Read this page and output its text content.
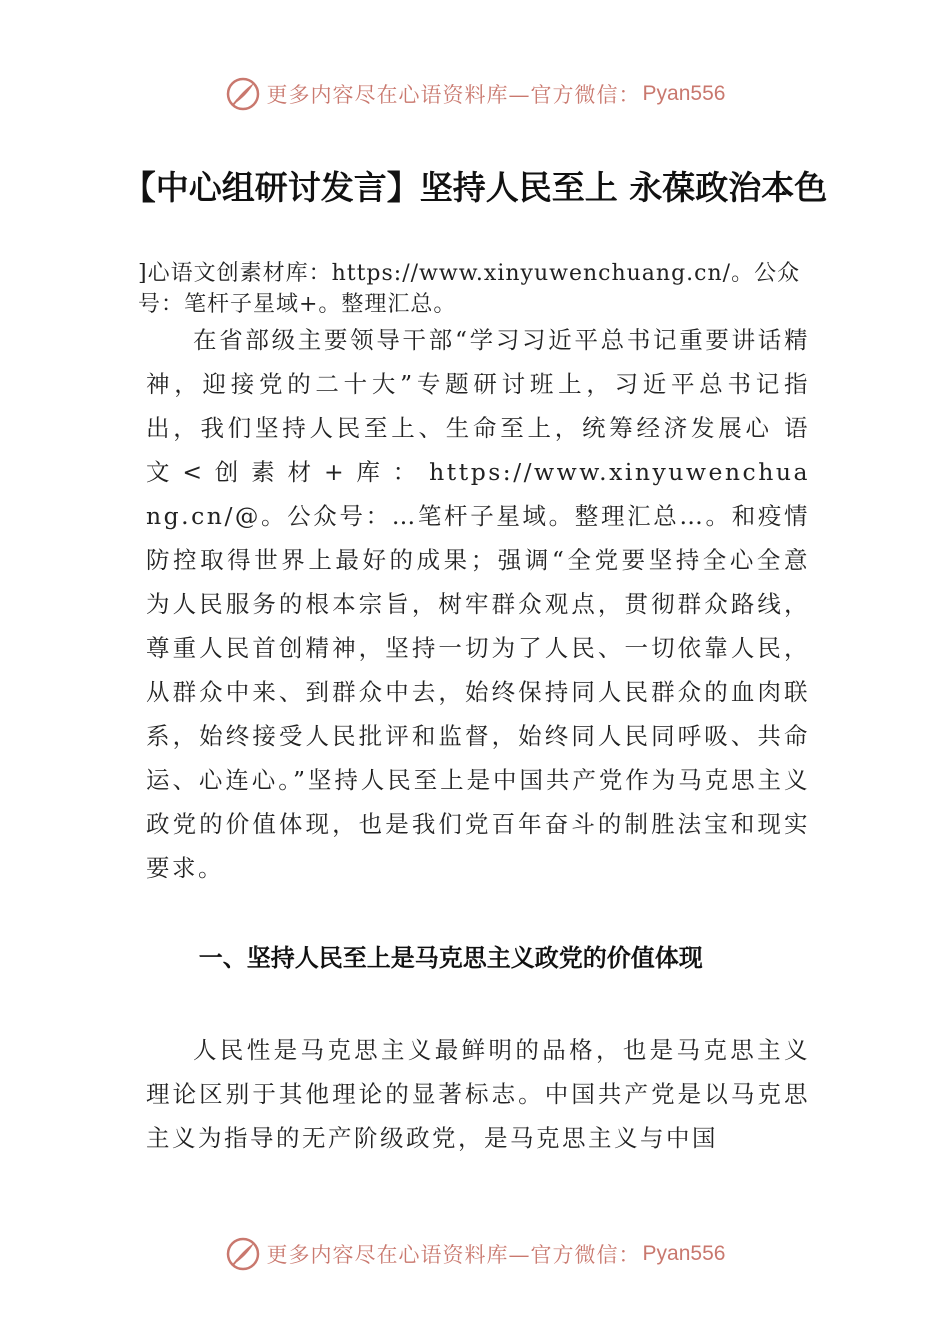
更多内容尽在心语资料库—官方微信： Pyan556
【中心组研讨发言】坚持人民至上 永葆政治本色

]心语文创素材库：https://www.xinyuwenchuang.cn/。公众号：笔杆子星域+。整理汇总。

在省部级主要领导干部“学习习近平总书记重要讲话精神，迎接党的二十大”专题研讨班上，习近平总书记指出，我们坚持人民至上、生命至上，统筹经济发展心 语 文 < 创 素 材 + 库 ： https://www.xinyuwenchuang.cn/@。公众号：…笔杆子星域。整理汇总…。和疫情防控取得世界上最好的成果；强调“全党要坚持全心全意为人民服务的根本宗旨，树牢群众观点，贯彻群众路线，尊重人民首创精神，坚持一切为了人民、一切依靠人民，从群众中来、到群众中去，始终保持同人民群众的血肉联系，始终接受人民批评和监督，始终同人民同呼吸、共命运、心连心。”坚持人民至上是中国共产党作为马克思主义政党的价值体现，也是我们党百年奋斗的制胜法宝和现实要求。

一、坚持人民至上是马克思主义政党的价值体现

人民性是马克思主义最鲜明的品格，也是马克思主义理论区别于其他理论的显著标志。中国共产党是以马克思主义为指导的无产阶级政党，是马克思主义与中国

更多内容尽在心语资料库—官方微信： Pyan556
